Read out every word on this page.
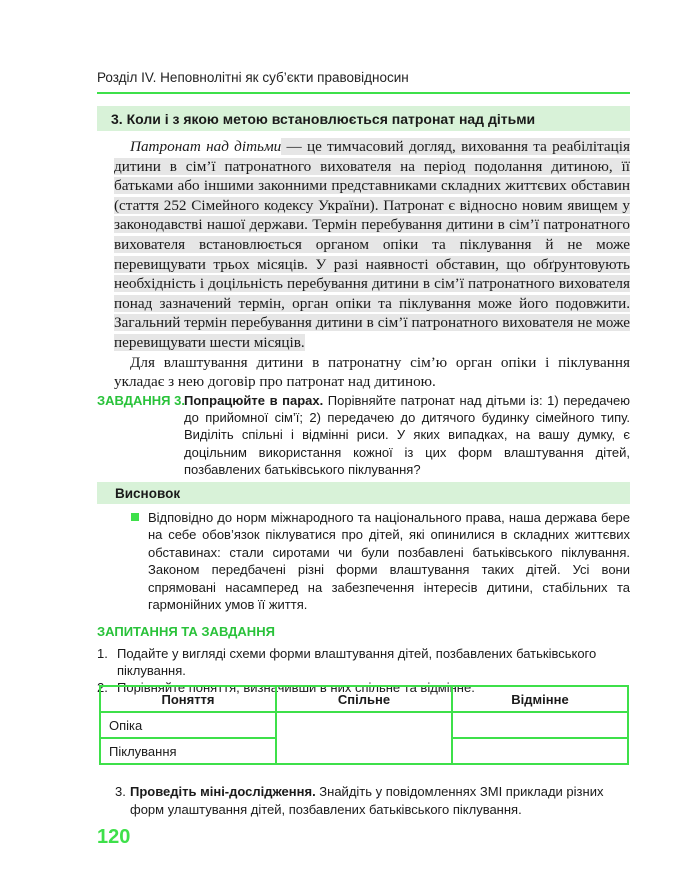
Розділ IV. Неповнолітні як суб’єкти правовідносин
3. Коли і з якою метою встановлюється патронат над дітьми

Патронат над дітьми — це тимчасовий догляд, виховання та реабілітація дитини в сім’ї патронатного вихователя на період подолання дитиною, її батьками або іншими законними представниками складних життєвих обставин (стаття 252 Сімейного кодексу України). Патронат є відносно новим явищем у законодавстві нашої держави. Термін перебування дитини в сім’ї патронатного вихователя встановлюється органом опіки та піклування й не може перевищувати трьох місяців. У разі наявності обставин, що обґрунтовують необхідність і доцільність перебування дитини в сім’ї патронатного вихователя понад зазначений термін, орган опіки та піклування може його подовжити. Загальний термін перебування дитини в сім’ї патронатного вихователя не може перевищувати шести місяців.

Для влаштування дитини в патронатну сім’ю орган опіки і піклування укладає з нею договір про патронат над дитиною.

ЗАВДАННЯ 3. Попрацюйте в парах. Порівняйте патронат над дітьми із: 1) передачею до прийомної сім’ї; 2) передачею до дитячого будинку сімейного типу. Виділіть спільні і відмінні риси. У яких випадках, на вашу думку, є доцільним використання кожної із цих форм влаштування дітей, позбавлених батьківського піклування?
Висновок
Відповідно до норм міжнародного та національного права, наша держава бере на себе обов’язок піклуватися про дітей, які опинилися в складних життєвих обставинах: стали сиротами чи були позбавлені батьківського піклування. Законом передбачені різні форми влаштування таких дітей. Усі вони спрямовані насамперед на забезпечення інтересів дитини, стабільних та гармонійних умов її життя.
ЗАПИТАННЯ ТА ЗАВДАННЯ
1. Подайте у вигляді схеми форми влаштування дітей, позбавлених батьківського піклування.
2. Порівняйте поняття, визначивши в них спільне та відмінне.
Поняття	Спільне	Відмінне
Опіка		
Піклування		
3. Проведіть міні-дослідження. Знайдіть у повідомленнях ЗМІ приклади різних форм улаштування дітей, позбавлених батьківського піклування.
120
